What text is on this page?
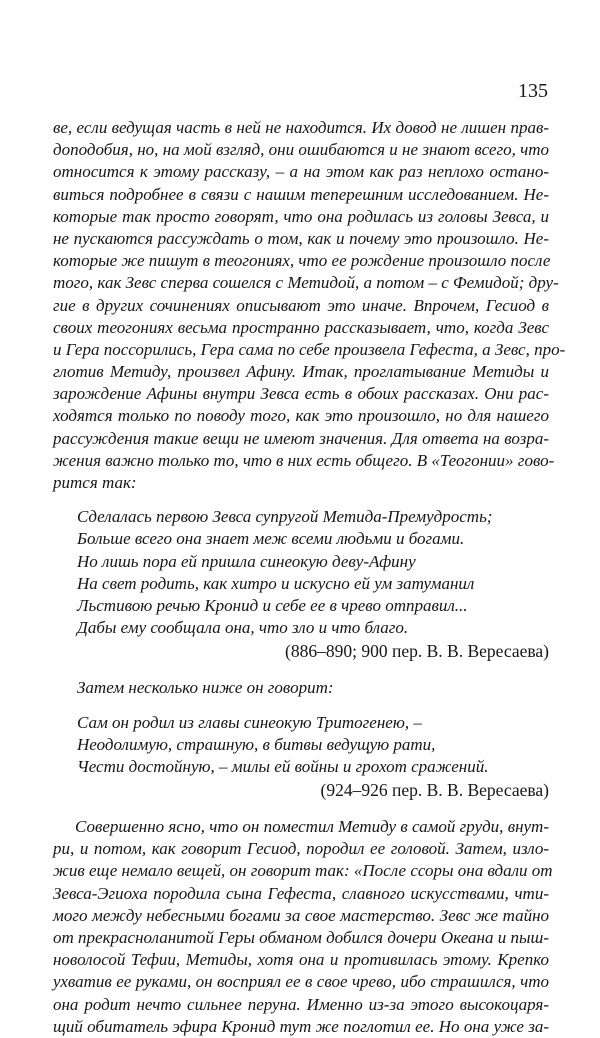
135
ве, если ведущая часть в ней не находится. Их довод не лишен прав-
доподобия, но, на мой взгляд, они ошибаются и не знают всего, что
относится к этому рассказу, – а на этом как раз неплохо остано-
виться подробнее в связи с нашим теперешним исследованием. Не-
которые так просто говорят, что она родилась из головы Зевса, и
не пускаются рассуждать о том, как и почему это произошло. Не-
которые же пишут в теогониях, что ее рождение произошло после
того, как Зевс сперва сошелся с Метидой, а потом – с Фемидой; дру-
гие в других сочинениях описывают это иначе. Впрочем, Гесиод в
своих теогониях весьма пространно рассказывает, что, когда Зевс
и Гера поссорились, Гера сама по себе произвела Гефеста, а Зевс, про-
глотив Метиду, произвел Афину. Итак, проглатывание Метиды и
зарождение Афины внутри Зевса есть в обоих рассказах. Они рас-
ходятся только по поводу того, как это произошло, но для нашего
рассуждения такие вещи не имеют значения. Для ответа на возра-
жения важно только то, что в них есть общего. В «Теогонии» гово-
рится так:
Сделалась первою Зевса супругой Метида-Премудрость;
Больше всего она знает меж всеми людьми и богами.
Но лишь пора ей пришла синеокую деву-Афину
На свет родить, как хитро и искусно ей ум затуманил
Льстивою речью Кронид и себе ее в чрево отправил...
Дабы ему сообщала она, что зло и что благо.
(886–890; 900 пер. В. В. Вересаева)
Затем несколько ниже он говорит:
Сам он родил из главы синеокую Тритогенею, –
Неодолимую, страшную, в битвы ведущую рати,
Чести достойную, – милы ей войны и грохот сражений.
(924–926 пер. В. В. Вересаева)
Совершенно ясно, что он поместил Метиду в самой груди, внут-
ри, и потом, как говорит Гесиод, породил ее головой. Затем, изло-
жив еще немало вещей, он говорит так: «После ссоры она вдали от
Зевса-Эгиоха породила сына Гефеста, славного искусствами, чти-
мого между небесными богами за свое мастерство. Зевс же тайно
от прекрасноланитой Геры обманом добился дочери Океана и пыш-
новолосой Тефии, Метиды, хотя она и противилась этому. Крепко
ухватив ее руками, он восприял ее в свое чрево, ибо страшился, что
она родит нечто сильнее перуна. Именно из-за этого высокоцаря-
щий обитатель эфира Кронид тут же поглотил ее. Но она уже за-
